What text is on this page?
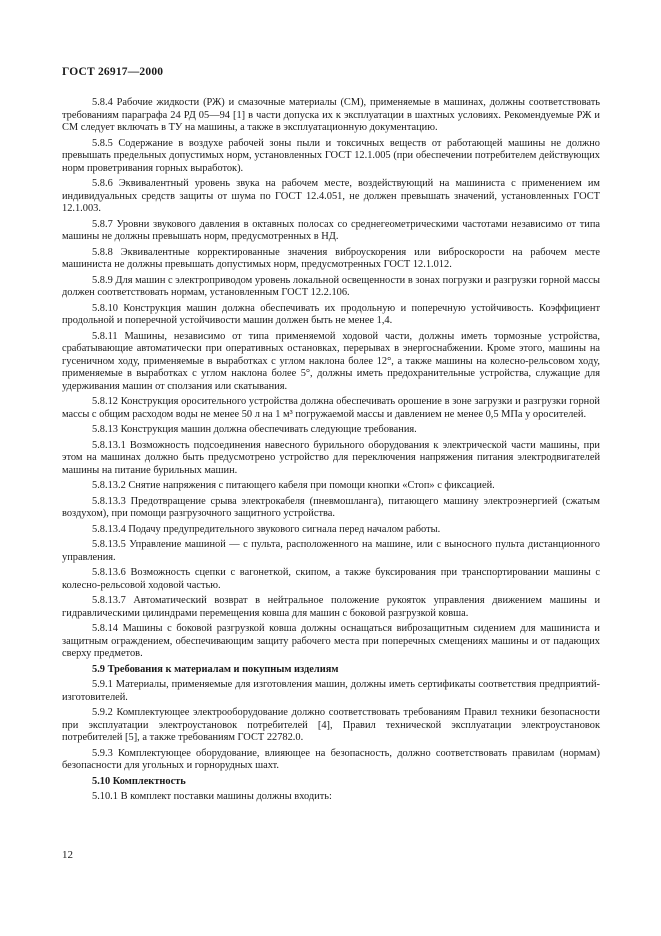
ГОСТ 26917—2000
5.8.4 Рабочие жидкости (РЖ) и смазочные материалы (СМ), применяемые в машинах, должны соответствовать требованиям параграфа 24 РД 05—94 [1] в части допуска их к эксплуатации в шахтных условиях. Рекомендуемые РЖ и СМ следует включать в ТУ на машины, а также в эксплуатационную документацию.
5.8.5 Содержание в воздухе рабочей зоны пыли и токсичных веществ от работающей машины не должно превышать предельных допустимых норм, установленных ГОСТ 12.1.005 (при обеспечении потребителем действующих норм проветривания горных выработок).
5.8.6 Эквивалентный уровень звука на рабочем месте, воздействующий на машиниста с применением им индивидуальных средств защиты от шума по ГОСТ 12.4.051, не должен превышать значений, установленных ГОСТ 12.1.003.
5.8.7 Уровни звукового давления в октавных полосах со среднегеометрическими частотами независимо от типа машины не должны превышать норм, предусмотренных в НД.
5.8.8 Эквивалентные корректированные значения виброускорения или виброскорости на рабочем месте машиниста не должны превышать допустимых норм, предусмотренных ГОСТ 12.1.012.
5.8.9 Для машин с электроприводом уровень локальной освещенности в зонах погрузки и разгрузки горной массы должен соответствовать нормам, установленным ГОСТ 12.2.106.
5.8.10 Конструкция машин должна обеспечивать их продольную и поперечную устойчивость. Коэффициент продольной и поперечной устойчивости машин должен быть не менее 1,4.
5.8.11 Машины, независимо от типа применяемой ходовой части, должны иметь тормозные устройства, срабатывающие автоматически при оперативных остановках, перерывах в энергоснабжении. Кроме этого, машины на гусеничном ходу, применяемые в выработках с углом наклона более 12°, а также машины на колесно-рельсовом ходу, применяемые в выработках с углом наклона более 5°, должны иметь предохранительные устройства, служащие для удерживания машин от сползания или скатывания.
5.8.12 Конструкция оросительного устройства должна обеспечивать орошение в зоне загрузки и разгрузки горной массы с общим расходом воды не менее 50 л на 1 м³ погружаемой массы и давлением не менее 0,5 МПа у оросителей.
5.8.13 Конструкция машин должна обеспечивать следующие требования.
5.8.13.1 Возможность подсоединения навесного бурильного оборудования к электрической части машины, при этом на машинах должно быть предусмотрено устройство для переключения напряжения питания электродвигателей машины на питание бурильных машин.
5.8.13.2 Снятие напряжения с питающего кабеля при помощи кнопки «Стоп» с фиксацией.
5.8.13.3 Предотвращение срыва электрокабеля (пневмошланга), питающего машину электроэнергией (сжатым воздухом), при помощи разгрузочного защитного устройства.
5.8.13.4 Подачу предупредительного звукового сигнала перед началом работы.
5.8.13.5 Управление машиной — с пульта, расположенного на машине, или с выносного пульта дистанционного управления.
5.8.13.6 Возможность сцепки с вагонеткой, скипом, а также буксирования при транспортировании машины с колесно-рельсовой ходовой частью.
5.8.13.7 Автоматический возврат в нейтральное положение рукояток управления движением машины и гидравлическими цилиндрами перемещения ковша для машин с боковой разгрузкой ковша.
5.8.14 Машины с боковой разгрузкой ковша должны оснащаться виброзащитным сидением для машиниста и защитным ограждением, обеспечивающим защиту рабочего места при поперечных смещениях машины и от падающих сверху предметов.
5.9 Требования к материалам и покупным изделиям
5.9.1 Материалы, применяемые для изготовления машин, должны иметь сертификаты соответствия предприятий-изготовителей.
5.9.2 Комплектующее электрооборудование должно соответствовать требованиям Правил техники безопасности при эксплуатации электроустановок потребителей [4], Правил технической эксплуатации электроустановок потребителей [5], а также требованиям ГОСТ 22782.0.
5.9.3 Комплектующее оборудование, влияющее на безопасность, должно соответствовать правилам (нормам) безопасности для угольных и горнорудных шахт.
5.10 Комплектность
5.10.1 В комплект поставки машины должны входить:
12
